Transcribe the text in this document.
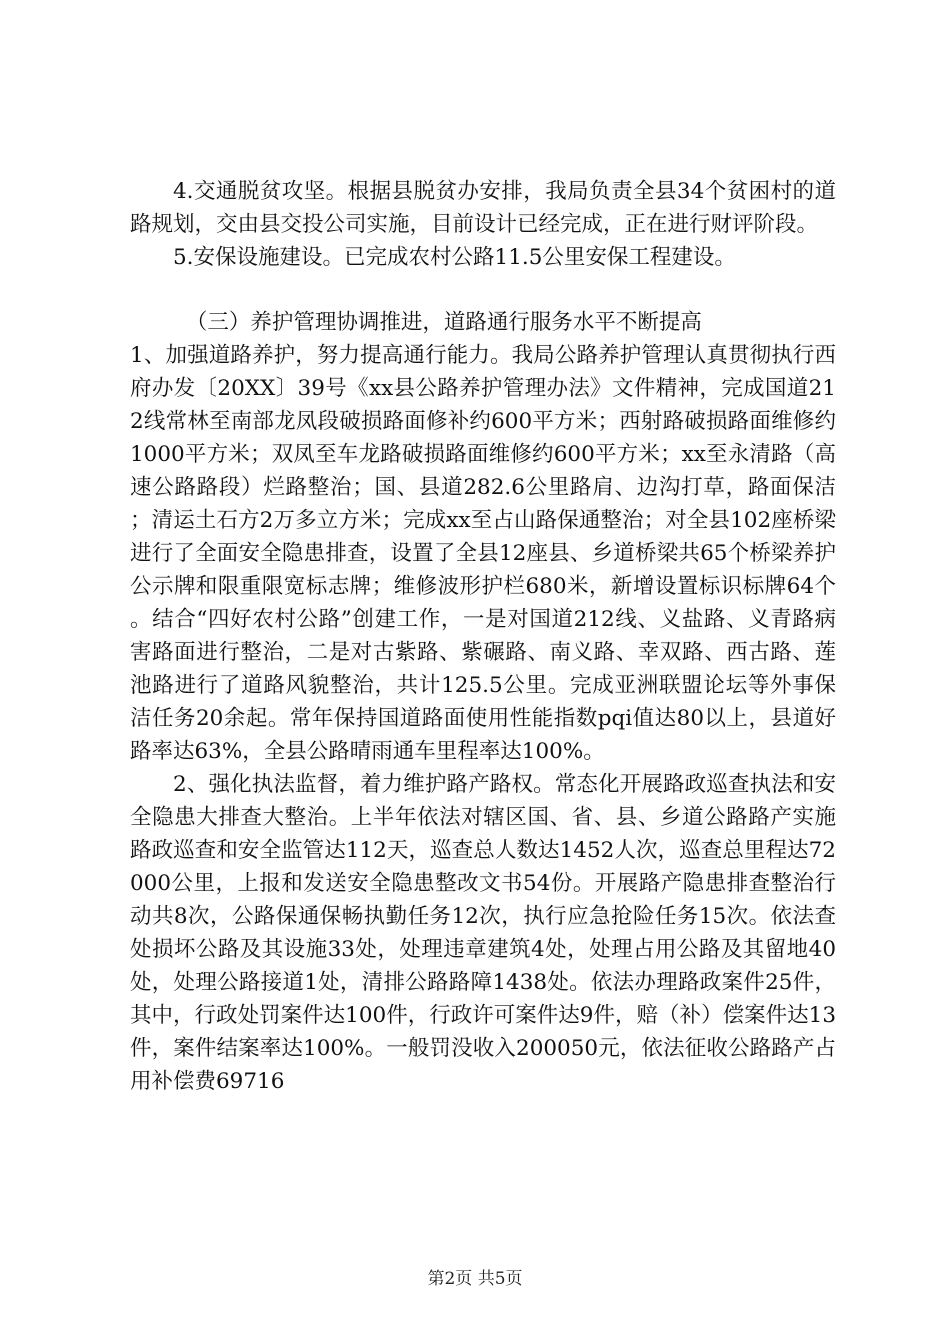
4.交通脱贫攻坚。根据县脱贫办安排，我局负责全县34个贫困村的道路规划，交由县交投公司实施，目前设计已经完成，正在进行财评阶段。

5.安保设施建设。已完成农村公路11.5公里安保工程建设。

（三）养护管理协调推进，道路通行服务水平不断提高

1、加强道路养护，努力提高通行能力。我局公路养护管理认真贯彻执行西府办发〔20XX〕39号《xx县公路养护管理办法》文件精神，完成国道212线常林至南部龙凤段破损路面修补约600平方米；西射路破损路面维修约1000平方米；双凤至车龙路破损路面维修约600平方米；xx至永清路（高速公路路段）烂路整治；国、县道282.6公里路肩、边沟打草，路面保洁；清运土石方2万多立方米；完成xx至占山路保通整治；对全县102座桥梁进行了全面安全隐患排查，设置了全县12座县、乡道桥梁共65个桥梁养护公示牌和限重限宽标志牌；维修波形护栏680米，新增设置标识标牌64个。结合“四好农村公路”创建工作，一是对国道212线、义盐路、义青路病害路面进行整治，二是对古紫路、紫碾路、南义路、幸双路、西古路、莲池路进行了道路风貌整治，共计125.5公里。完成亚洲联盟论坛等外事保洁任务20余起。常年保持国道路面使用性能指数pqi值达80以上，县道好路率达63%，全县公路晴雨通车里程率达100%。

2、强化执法监督，着力维护路产路权。常态化开展路政巡查执法和安全隐患大排查大整治。上半年依法对辖区国、省、县、乡道公路路产实施路政巡查和安全监管达112天，巡查总人数达1452人次，巡查总里程达72000公里，上报和发送安全隐患整改文书54份。开展路产隐患排查整治行动共8次，公路保通保畅执勤任务12次，执行应急抢险任务15次。依法查处损坏公路及其设施33处，处理违章建筑4处，处理占用公路及其留地40处，处理公路接道1处，清排公路路障1438处。依法办理路政案件25件，其中，行政处罚案件达100件，行政许可案件达9件，赔（补）偿案件达13件，案件结案率达100%。一般罚没收入200050元，依法征收公路路产占用补偿费69716

第2页 共5页
